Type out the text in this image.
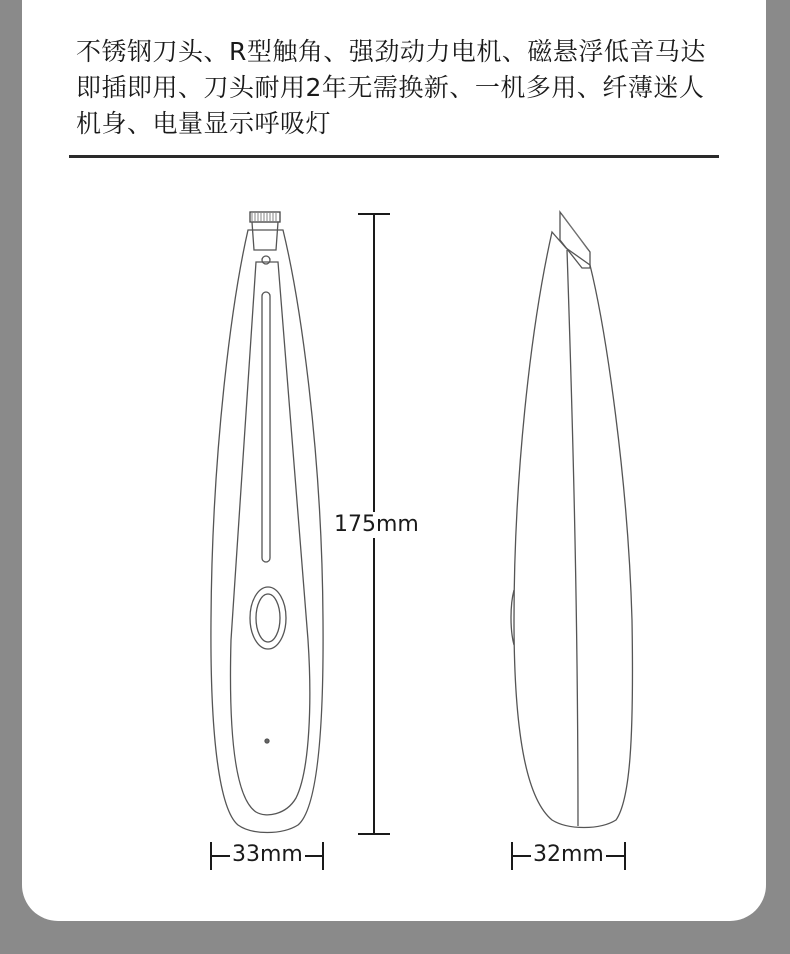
不锈钢刀头、R型触角、强劲动力电机、磁悬浮低音马达
即插即用、刀头耐用2年无需换新、一机多用、纤薄迷人
机身、电量显示呼吸灯
175mm
33mm	32mm
